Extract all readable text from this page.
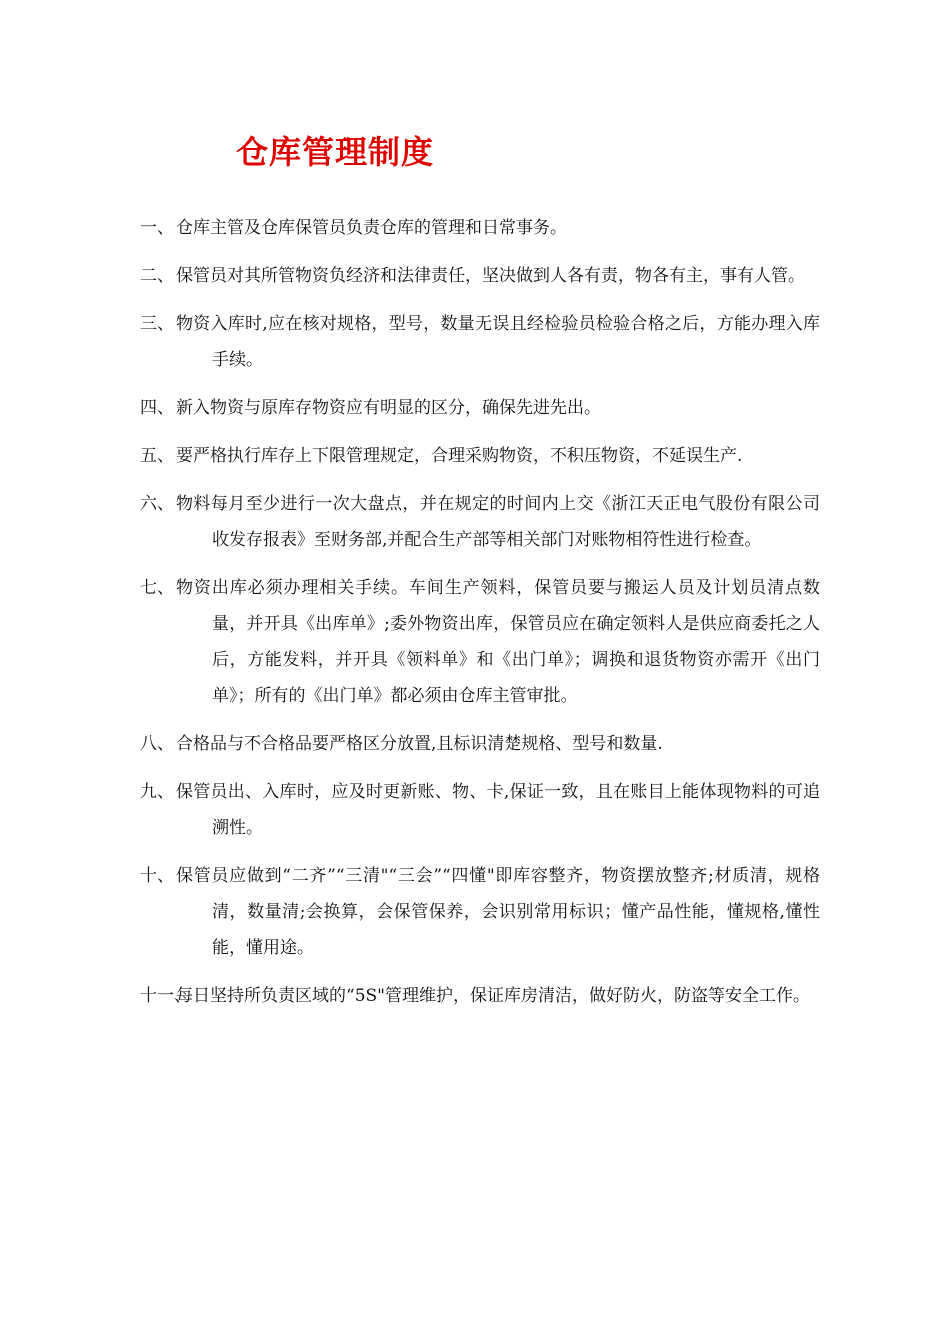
仓库管理制度
一、 仓库主管及仓库保管员负责仓库的管理和日常事务。
二、 保管员对其所管物资负经济和法律责任，坚决做到人各有责，物各有主，事有人管。
三、 物资入库时,应在核对规格，型号，数量无误且经检验员检验合格之后，方能办理入库手续。
四、 新入物资与原库存物资应有明显的区分，确保先进先出。
五、 要严格执行库存上下限管理规定，合理采购物资，不积压物资，不延误生产.
六、 物料每月至少进行一次大盘点，并在规定的时间内上交《浙江天正电气股份有限公司收发存报表》至财务部,并配合生产部等相关部门对账物相符性进行检查。
七、 物资出库必须办理相关手续。车间生产领料，保管员要与搬运人员及计划员清点数量，并开具《出库单》;委外物资出库，保管员应在确定领料人是供应商委托之人后，方能发料，并开具《领料单》和《出门单》；调换和退货物资亦需开《出门单》；所有的《出门单》都必须由仓库主管审批。
八、 合格品与不合格品要严格区分放置,且标识清楚规格、型号和数量.
九、 保管员出、入库时，应及时更新账、物、卡,保证一致，且在账目上能体现物料的可追溯性。
十、 保管员应做到“二齐”“三清"“三会”“四懂"即库容整齐，物资摆放整齐;材质清，规格清，数量清;会换算，会保管保养，会识别常用标识；懂产品性能，懂规格,懂性能，懂用途。
十一、
每日坚持所负责区域的“5S"管理维护，保证库房清洁，做好防火，防盗等安全工作。
